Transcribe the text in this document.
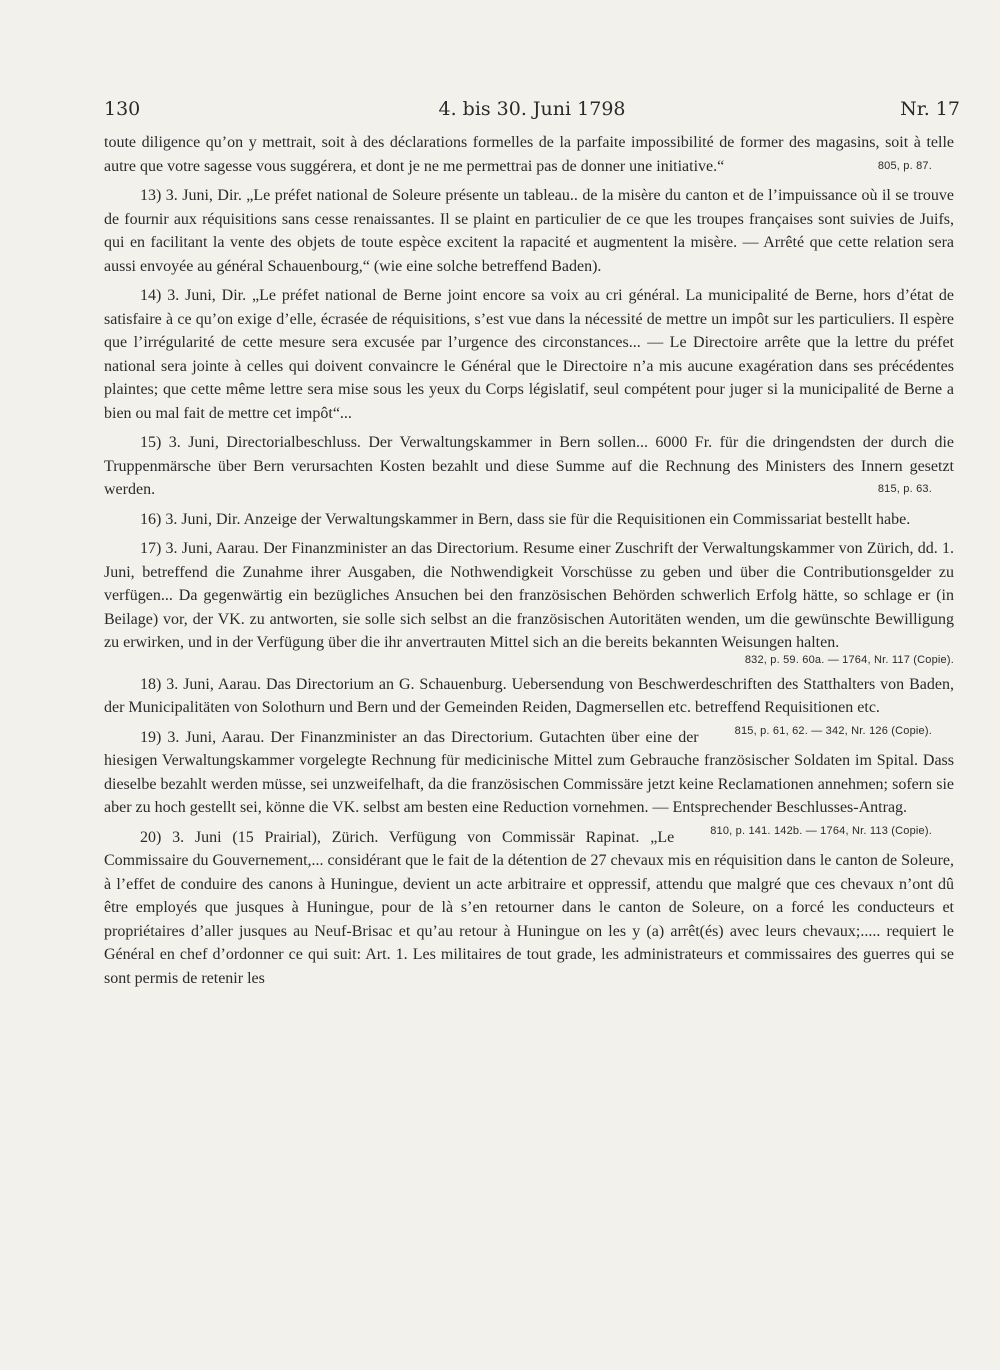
130	4. bis 30. Juni 1798	Nr. 17

toute diligence qu’on y mettrait, soit à des déclarations formelles de la parfaite impossibilité de former des magasins, soit à telle autre que votre sagesse vous suggérera, et dont je ne me permettrai pas de donner une initiative.“	805, p. 87.

13) 3. Juni, Dir. „Le préfet national de Soleure présente un tableau.. de la misère du canton et de l’impuissance où il se trouve de fournir aux réquisitions sans cesse renaissantes. Il se plaint en particulier de ce que les troupes françaises sont suivies de Juifs, qui en facilitant la vente des objets de toute espèce excitent la rapacité et augmentent la misère. — Arrêté que cette relation sera aussi envoyée au général Schauenbourg,“ (wie eine solche betreffend Baden).

14) 3. Juni, Dir. „Le préfet national de Berne joint encore sa voix au cri général. La municipalité de Berne, hors d’état de satisfaire à ce qu’on exige d’elle, écrasée de réquisitions, s’est vue dans la nécessité de mettre un impôt sur les particuliers. Il espère que l’irrégularité de cette mesure sera excusée par l’urgence des circonstances... — Le Directoire arrête que la lettre du préfet national sera jointe à celles qui doivent convaincre le Général que le Directoire n’a mis aucune exagération dans ses précédentes plaintes; que cette même lettre sera mise sous les yeux du Corps législatif, seul compétent pour juger si la municipalité de Berne a bien ou mal fait de mettre cet impôt“...

15) 3. Juni, Directorialbeschluss. Der Verwaltungskammer in Bern sollen... 6000 Fr. für die dringendsten der durch die Truppenmärsche über Bern verursachten Kosten bezahlt und diese Summe auf die Rechnung des Ministers des Innern gesetzt werden.	815, p. 63.

16) 3. Juni, Dir. Anzeige der Verwaltungskammer in Bern, dass sie für die Requisitionen ein Commissariat bestellt habe.

17) 3. Juni, Aarau. Der Finanzminister an das Directorium. Resume einer Zuschrift der Verwaltungskammer von Zürich, dd. 1. Juni, betreffend die Zunahme ihrer Ausgaben, die Nothwendigkeit Vorschüsse zu geben und über die Contributionsgelder zu verfügen... Da gegenwärtig ein bezügliches Ansuchen bei den französischen Behörden schwerlich Erfolg hätte, so schlage er (in Beilage) vor, der VK. zu antworten, sie solle sich selbst an die französischen Autoritäten wenden, um die gewünschte Bewilligung zu erwirken, und in der Verfügung über die ihr anvertrauten Mittel sich an die bereits bekannten Weisungen halten.
832, p. 59. 60a. — 1764, Nr. 117 (Copie).

18) 3. Juni, Aarau. Das Directorium an G. Schauenburg. Uebersendung von Beschwerdeschriften des Statthalters von Baden, der Municipalitäten von Solothurn und Bern und der Gemeinden Reiden, Dagmersellen etc. betreffend Requisitionen etc.
815, p. 61, 62. — 342, Nr. 126 (Copie).

19) 3. Juni, Aarau. Der Finanzminister an das Directorium. Gutachten über eine der hiesigen Verwaltungskammer vorgelegte Rechnung für medicinische Mittel zum Gebrauche französischer Soldaten im Spital. Dass dieselbe bezahlt werden müsse, sei unzweifelhaft, da die französischen Commissäre jetzt keine Reclamationen annehmen; sofern sie aber zu hoch gestellt sei, könne die VK. selbst am besten eine Reduction vornehmen. — Entsprechender Beschlusses-Antrag.
810, p. 141. 142b. — 1764, Nr. 113 (Copie).

20) 3. Juni (15 Prairial), Zürich. Verfügung von Commissär Rapinat. „Le Commissaire du Gouvernement,... considérant que le fait de la détention de 27 chevaux mis en réquisition dans le canton de Soleure, à l’effet de conduire des canons à Huningue, devient un acte arbitraire et oppressif, attendu que malgré que ces chevaux n’ont dû être employés que jusques à Huningue, pour de là s’en retourner dans le canton de Soleure, on a forcé les conducteurs et propriétaires d’aller jusques au Neuf-Brisac et qu’au retour à Huningue on les y (a) arrêt(és) avec leurs chevaux;..... requiert le Général en chef d’ordonner ce qui suit: Art. 1. Les militaires de tout grade, les administrateurs et commissaires des guerres qui se sont permis de retenir les
